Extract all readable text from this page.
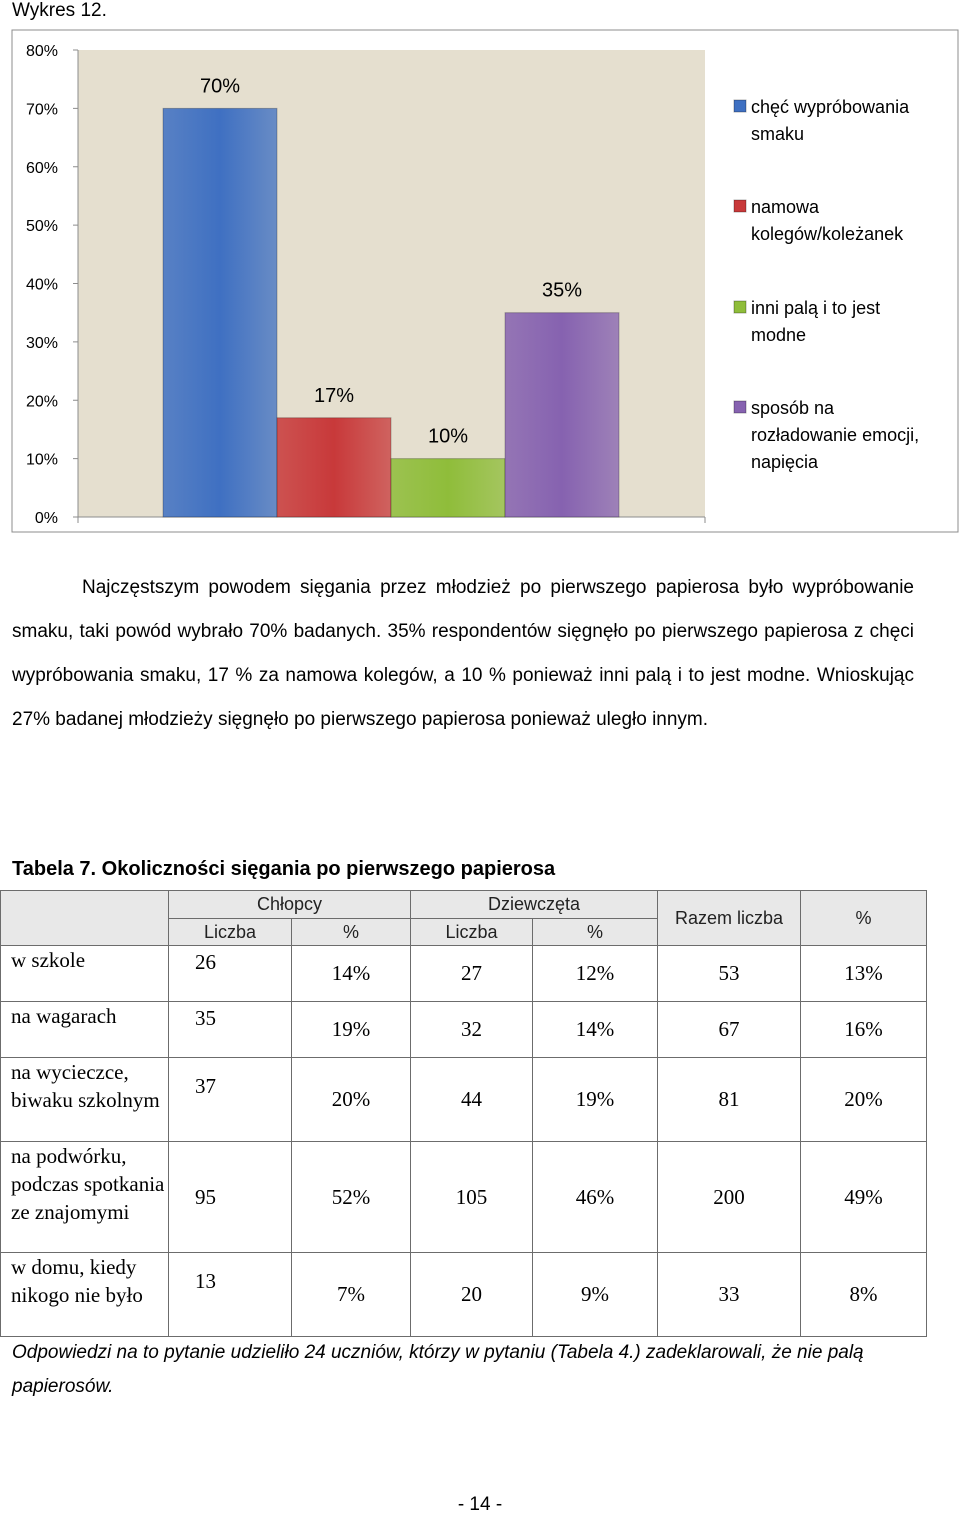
Wykres 12.
0%
10%
20%
30%
40%
50%
60%
70%
80%
70%
17%
10%
35%
chęć wypróbowania smaku
namowa kolegów/koleżanek
inni palą i to jest modne
sposób na rozładowanie emocji, napięcia
Najczęstszym powodem sięgania przez młodzież po pierwszego papierosa było wypróbowanie smaku, taki powód wybrało 70% badanych. 35% respondentów sięgnęło po pierwszego papierosa z chęci wypróbowania smaku, 17 % za namowa kolegów, a 10 % ponieważ inni palą i to jest modne. Wnioskując 27% badanej młodzieży sięgnęło po pierwszego papierosa ponieważ uległo innym.
Tabela 7. Okoliczności sięgania po pierwszego papierosa
	Chłopcy		Dziewczęta		Razem liczba	%
	Liczba	%	Liczba	%		
w szkole	26	14%	27	12%	53	13%
na wagarach	35	19%	32	14%	67	16%
na wycieczce, biwaku szkolnym	37	20%	44	19%	81	20%
na podwórku, podczas spotkania ze znajomymi	95	52%	105	46%	200	49%
w domu, kiedy nikogo nie było	13	7%	20	9%	33	8%
Odpowiedzi na to pytanie udzieliło 24 uczniów, którzy w pytaniu (Tabela 4.) zadeklarowali, że nie palą papierosów.
- 14 -
